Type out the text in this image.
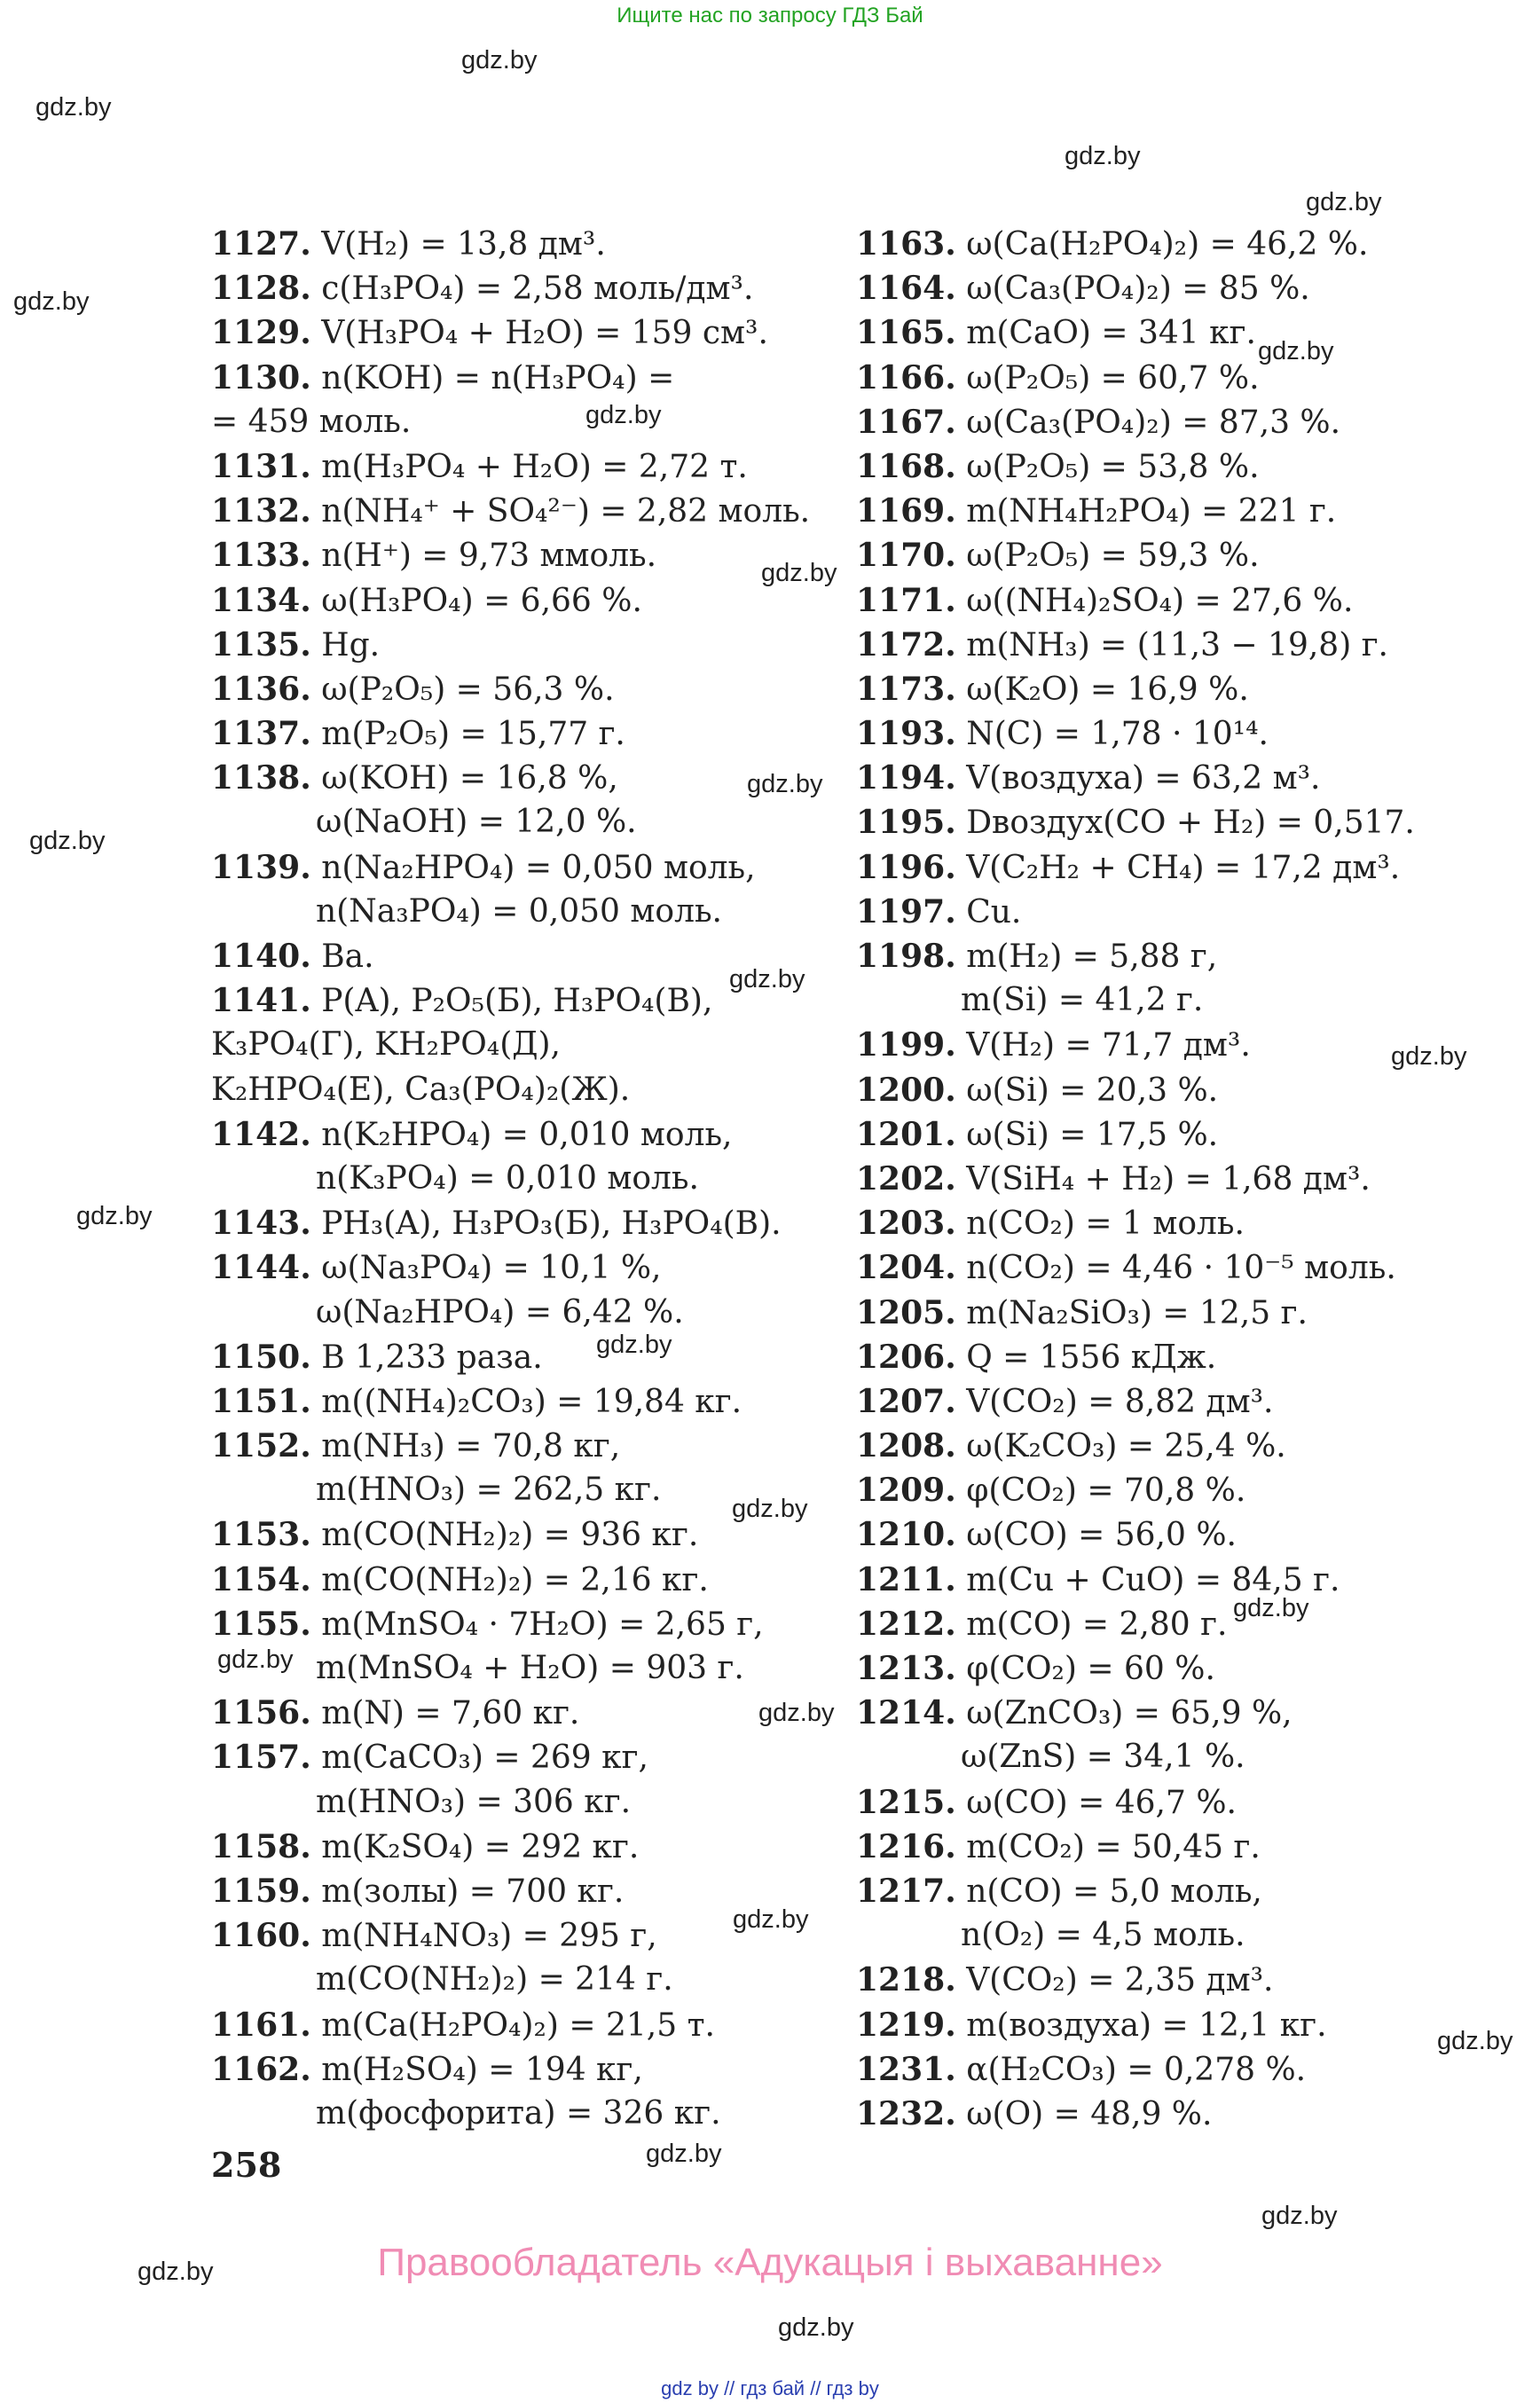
Ищите нас по запросу ГДЗ Бай
gdz.by
gdz.by
gdz.by
gdz.by
gdz.by
gdz.by
gdz.by
gdz.by
gdz.by
gdz.by
gdz.by
gdz.by
gdz.by
gdz.by
gdz.by
gdz.by
gdz.by
gdz.by
gdz.by
gdz.by
gdz.by
gdz.by
gdz.by
gdz.by
1127. V(H₂) = 13,8 дм³.
1128. c(H₃PO₄) = 2,58 моль/дм³.
1129. V(H₃PO₄ + H₂O) = 159 см³.
1130. n(KOH) = n(H₃PO₄) =
= 459 моль.
1131. m(H₃PO₄ + H₂O) = 2,72 т.
1132. n(NH₄⁺ + SO₄²⁻) = 2,82 моль.
1133. n(H⁺) = 9,73 ммоль.
1134. ω(H₃PO₄) = 6,66 %.
1135. Hg.
1136. ω(P₂O₅) = 56,3 %.
1137. m(P₂O₅) = 15,77 г.
1138. ω(KOH) = 16,8 %,
ω(NaOH) = 12,0 %.
1139. n(Na₂HPO₄) = 0,050 моль,
n(Na₃PO₄) = 0,050 моль.
1140. Ba.
1141. P(A), P₂O₅(Б), H₃PO₄(В),
K₃PO₄(Г), KH₂PO₄(Д),
K₂HPO₄(Е), Ca₃(PO₄)₂(Ж).
1142. n(K₂HPO₄) = 0,010 моль,
n(K₃PO₄) = 0,010 моль.
1143. PH₃(A), H₃PO₃(Б), H₃PO₄(В).
1144. ω(Na₃PO₄) = 10,1 %,
ω(Na₂HPO₄) = 6,42 %.
1150. В 1,233 раза.
1151. m((NH₄)₂CO₃) = 19,84 кг.
1152. m(NH₃) = 70,8 кг,
m(HNO₃) = 262,5 кг.
1153. m(CO(NH₂)₂) = 936 кг.
1154. m(CO(NH₂)₂) = 2,16 кг.
1155. m(MnSO₄ · 7H₂O) = 2,65 г,
m(MnSO₄ + H₂O) = 903 г.
1156. m(N) = 7,60 кг.
1157. m(CaCO₃) = 269 кг,
m(HNO₃) = 306 кг.
1158. m(K₂SO₄) = 292 кг.
1159. m(золы) = 700 кг.
1160. m(NH₄NO₃) = 295 г,
m(CO(NH₂)₂) = 214 г.
1161. m(Ca(H₂PO₄)₂) = 21,5 т.
1162. m(H₂SO₄) = 194 кг,
m(фосфорита) = 326 кг.
1163. ω(Ca(H₂PO₄)₂) = 46,2 %.
1164. ω(Ca₃(PO₄)₂) = 85 %.
1165. m(CaO) = 341 кг.
1166. ω(P₂O₅) = 60,7 %.
1167. ω(Ca₃(PO₄)₂) = 87,3 %.
1168. ω(P₂O₅) = 53,8 %.
1169. m(NH₄H₂PO₄) = 221 г.
1170. ω(P₂O₅) = 59,3 %.
1171. ω((NH₄)₂SO₄) = 27,6 %.
1172. m(NH₃) = (11,3 − 19,8) г.
1173. ω(K₂O) = 16,9 %.
1193. N(C) = 1,78 · 10¹⁴.
1194. V(воздуха) = 63,2 м³.
1195. Dвоздух(CO + H₂) = 0,517.
1196. V(C₂H₂ + CH₄) = 17,2 дм³.
1197. Cu.
1198. m(H₂) = 5,88 г,
m(Si) = 41,2 г.
1199. V(H₂) = 71,7 дм³.
1200. ω(Si) = 20,3 %.
1201. ω(Si) = 17,5 %.
1202. V(SiH₄ + H₂) = 1,68 дм³.
1203. n(CO₂) = 1 моль.
1204. n(CO₂) = 4,46 · 10⁻⁵ моль.
1205. m(Na₂SiO₃) = 12,5 г.
1206. Q = 1556 кДж.
1207. V(CO₂) = 8,82 дм³.
1208. ω(K₂CO₃) = 25,4 %.
1209. φ(CO₂) = 70,8 %.
1210. ω(CO) = 56,0 %.
1211. m(Cu + CuO) = 84,5 г.
1212. m(CO) = 2,80 г.
1213. φ(CO₂) = 60 %.
1214. ω(ZnCO₃) = 65,9 %,
ω(ZnS) = 34,1 %.
1215. ω(CO) = 46,7 %.
1216. m(CO₂) = 50,45 г.
1217. n(CO) = 5,0 моль,
n(O₂) = 4,5 моль.
1218. V(CO₂) = 2,35 дм³.
1219. m(воздуха) = 12,1 кг.
1231. α(H₂CO₃) = 0,278 %.
1232. ω(O) = 48,9 %.
258
Правообладатель «Адукацыя і выхаванне»
gdz by // гдз бай // гдз by
